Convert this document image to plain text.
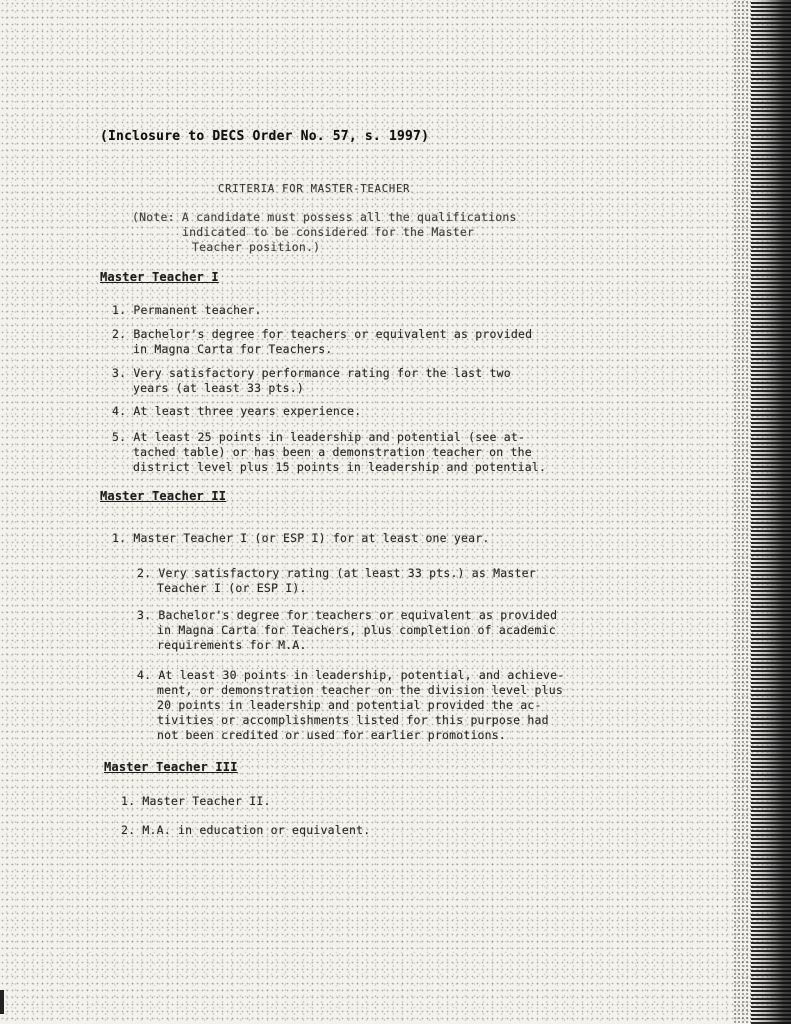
(Inclosure to DECS Order No. 57, s. 1997)
CRITERIA FOR MASTER-TEACHER
(Note: A candidate must possess all the qualifications
indicated to be considered for the Master
Teacher position.)
Master Teacher I
1. Permanent teacher.
2. Bachelor's degree for teachers or equivalent as provided
in Magna Carta for Teachers.
3. Very satisfactory performance rating for the last two
years (at least 33 pts.)
4. At least three years experience.
5. At least 25 points in leadership and potential (see at-
tached table) or has been a demonstration teacher on the
district level plus 15 points in leadership and potential.
Master Teacher II
1. Master Teacher I (or ESP I) for at least one year.
2. Very satisfactory rating (at least 33 pts.) as Master
Teacher I (or ESP I).
3. Bachelor's degree for teachers or equivalent as provided
in Magna Carta for Teachers, plus completion of academic
requirements for M.A.
4. At least 30 points in leadership, potential, and achieve-
ment, or demonstration teacher on the division level plus
20 points in leadership and potential provided the ac-
tivities or accomplishments listed for this purpose had
not been credited or used for earlier promotions.
Master Teacher III
1. Master Teacher II.
2. M.A. in education or equivalent.
